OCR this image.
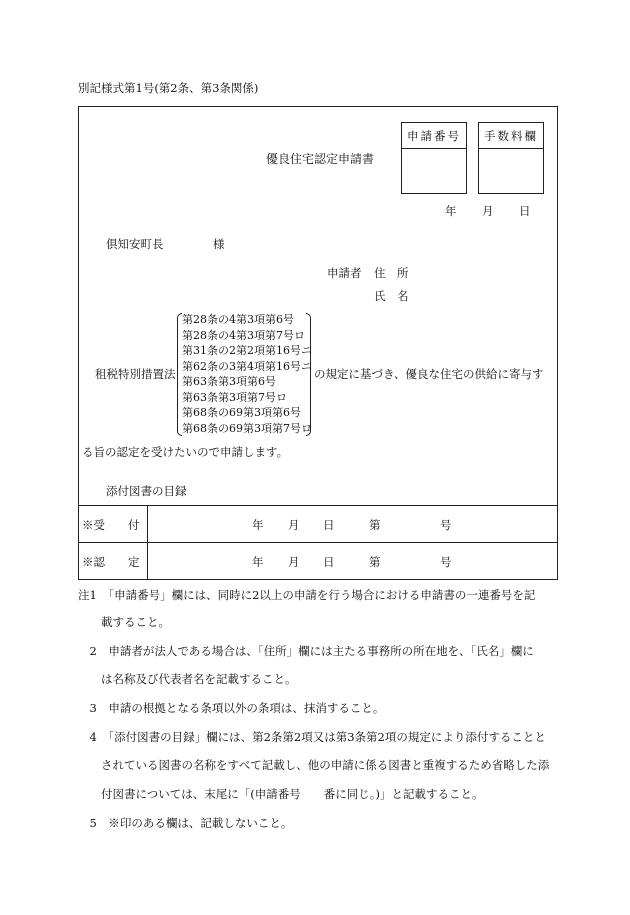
別記様式第1号(第2条、第3条関係)
優良住宅認定申請書
申請番号	手数料欄
年 月 日
倶知安町長	様
申請者 住　所
氏　名
租税特別措置法
第28条の4第3項第6号
第28条の4第3項第7号ロ
第31条の2第2項第16号ニ
第62条の3第4項第16号ニ
第63条第3項第6号
第63条第3項第7号ロ
第68条の69第3項第6号
第68条の69第3項第7号ロ
の規定に基づき、優良な住宅の供給に寄与す
る旨の認定を受けたいので申請します。
添付図書の目録
※受　　付	年 月 日	第	号
※認　　定	年 月 日	第	号
注1　「申請番号」欄には、同時に2以上の申請を行う場合における申請書の一連番号を記
　　載すること。
　2　申請者が法人である場合は、「住所」欄には主たる事務所の所在地を、「氏名」欄に
　　は名称及び代表者名を記載すること。
　3　申請の根拠となる条項以外の条項は、抹消すること。
　4　「添付図書の目録」欄には、第2条第2項又は第3条第2項の規定により添付することと
　　されている図書の名称をすべて記載し、他の申請に係る図書と重複するため省略した添
　　付図書については、末尾に「(申請番号　　番に同じ。)」と記載すること。
　5　※印のある欄は、記載しないこと。
